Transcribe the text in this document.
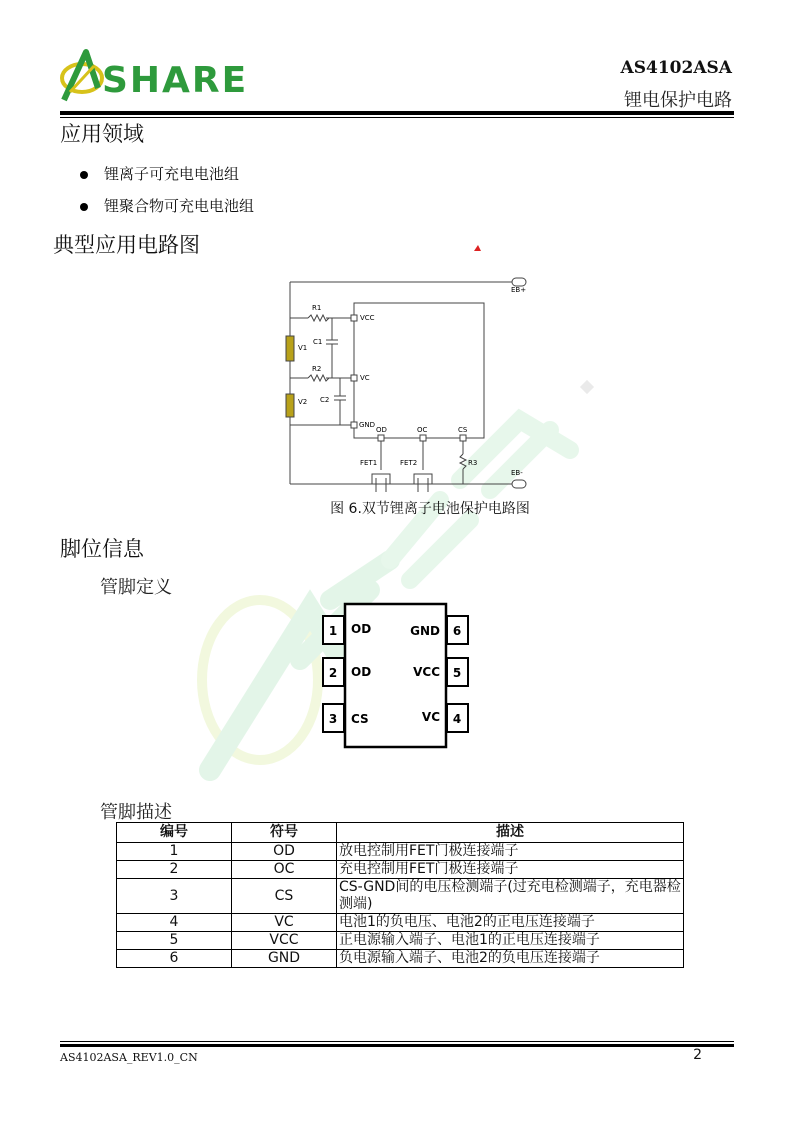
SHARE	AS4102ASA
锂电保护电路
应用领域
锂离子可充电电池组
锂聚合物可充电电池组
典型应用电路图
EB+
V1
V2
R1
VCC
C1
R2
VC
C2
GND
OD	OC	CS
R3
FET1	FET2
EB-
图 6.双节锂离子电池保护电路图
脚位信息
管脚定义
1
2
3
6
5
4
OD
OD
CS
GND
VCC
VC
管脚描述
编号	符号	描述
1	OD	放电控制用FET门极连接端子
2	OC	充电控制用FET门极连接端子
3	CS	CS-GND间的电压检测端子(过充电检测端子，充电器检测端)
4	VC	电池1的负电压、电池2的正电压连接端子
5	VCC	正电源输入端子、电池1的正电压连接端子
6	GND	负电源输入端子、电池2的负电压连接端子
AS4102ASA_REV1.0_CN	2
